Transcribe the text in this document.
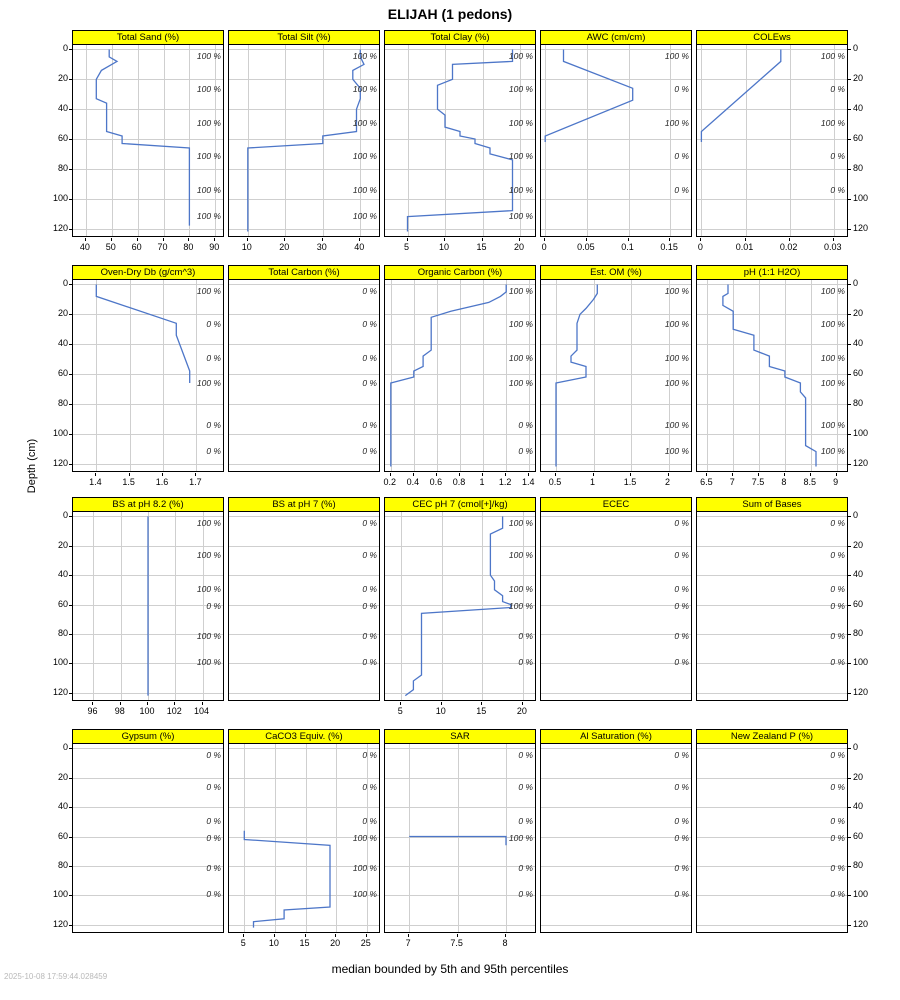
ELIJAH (1 pedons)
Depth (cm)
median bounded by 5th and 95th percentiles
2025-10-08 17:59:44.028459
Total Sand (%)
100 %
100 %
100 %
100 %
100 %
100 %
40	50	60	70	80	90
0
20
40
60
80
100
120
Total Silt (%)
100 %
100 %
100 %
100 %
100 %
100 %
10	20	30	40
Total Clay (%)
100 %
100 %
100 %
100 %
100 %
100 %
5	10	15	20
AWC (cm/cm)
100 %
0 %
100 %
0 %
0 %
0	0.05	0.1	0.15
COLEws
100 %
0 %
100 %
0 %
0 %
0	0.01	0.02	0.03
0
20
40
60
80
100
120
Oven-Dry Db (g/cm^3)
100 %
0 %
0 %
100 %
0 %
0 %
1.4	1.5	1.6	1.7
0
20
40
60
80
100
120
Total Carbon (%)
0 %
0 %
0 %
0 %
0 %
0 %
Organic Carbon (%)
100 %
100 %
100 %
100 %
0 %
0 %
0.2	0.4	0.6	0.8	1	1.2	1.4
Est. OM (%)
100 %
100 %
100 %
100 %
100 %
100 %
0.5	1	1.5	2
pH (1:1 H2O)
100 %
100 %
100 %
100 %
100 %
100 %
6.5	7	7.5	8	8.5	9
0
20
40
60
80
100
120
BS at pH 8.2 (%)
100 %
100 %
100 %
0 %
100 %
100 %
96	98	100	102	104
0
20
40
60
80
100
120
BS at pH 7 (%)
0 %
0 %
0 %
0 %
0 %
0 %
CEC pH 7 (cmol[+]/kg)
100 %
100 %
100 %
100 %
0 %
0 %
5	10	15	20
ECEC
0 %
0 %
0 %
0 %
0 %
0 %
Sum of Bases
0 %
0 %
0 %
0 %
0 %
0 %
0
20
40
60
80
100
120
Gypsum (%)
0 %
0 %
0 %
0 %
0 %
0 %
0
20
40
60
80
100
120
CaCO3 Equiv. (%)
0 %
0 %
0 %
100 %
100 %
100 %
5	10	15	20	25
SAR
0 %
0 %
0 %
100 %
0 %
0 %
7	7.5	8
Al Saturation (%)
0 %
0 %
0 %
0 %
0 %
0 %
New Zealand P (%)
0 %
0 %
0 %
0 %
0 %
0 %
0
20
40
60
80
100
120
